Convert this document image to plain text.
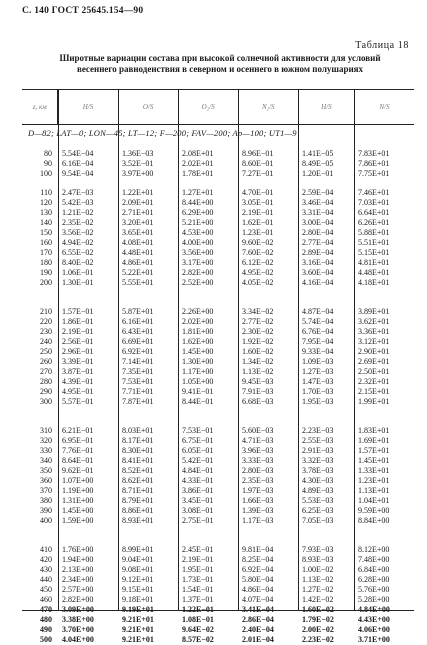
С. 140 ГОСТ 25645.154—90
Таблица 18
Широтные вариации состава при высокой солнечной активности для условий
весеннего равноденствия в северном и осеннего в южном полушариях
z, км	H/S	O/S	O₂/S	N₂/S	H/S	N/S
D—82; LAT—0; LON—45; LT—12; F—200; FAV—200; Ap—100; UT1—9
80	5.54E−04	1.36E−03	2.08E+01	8.96E−01	1.41E−05	7.83E+01
90	6.16E−04	3.52E−01	2.02E+01	8.60E−01	8.49E−05	7.86E+01
100	9.54E−04	3.97E+00	1.78E+01	7.27E−01	1.20E−01	7.75E+01
110	2.47E−03	1.22E+01	1.27E+01	4.70E−01	2.59E−04	7.46E+01
120	5.42E−03	2.09E+01	8.44E+00	3.05E−01	3.46E−04	7.03E+01
130	1.21E−02	2.71E+01	6.29E+00	2.19E−01	3.31E−04	6.64E+01
140	2.35E−02	3.20E+01	5.21E+00	1.62E−01	3.00E−04	6.26E+01
150	3.56E−02	3.65E+01	4.53E+00	1.23E−01	2.80E−04	5.88E+01
160	4.94E−02	4.08E+01	4.00E+00	9.60E−02	2.77E−04	5.51E+01
170	6.55E−02	4.48E+01	3.56E+00	7.60E−02	2.89E−04	5.15E+01
180	8.40E−02	4.86E+01	3.17E+00	6.12E−02	3.16E−04	4.81E+01
190	1.06E−01	5.22E+01	2.82E+00	4.95E−02	3.60E−04	4.48E+01
200	1.30E−01	5.55E+01	2.52E+00	4.05E−02	4.16E−04	4.18E+01
210	1.57E−01	5.87E+01	2.26E+00	3.34E−02	4.87E−04	3.89E+01
220	1.86E−01	6.16E+01	2.02E+00	2.77E−02	5.74E−04	3.62E+01
230	2.19E−01	6.43E+01	1.81E+00	2.30E−02	6.76E−04	3.36E+01
240	2.56E−01	6.69E+01	1.62E+00	1.92E−02	7.95E−04	3.12E+01
250	2.96E−01	6.92E+01	1.45E+00	1.60E−02	9.33E−04	2.90E+01
260	3.39E−01	7.14E+01	1.30E+00	1.34E−02	1.09E−03	2.69E+01
270	3.87E−01	7.35E+01	1.17E+00	1.13E−02	1.27E−03	2.50E+01
280	4.39E−01	7.53E+01	1.05E+00	9.45E−03	1.47E−03	2.32E+01
290	4.95E−01	7.71E+01	9.41E−01	7.91E−03	1.70E−03	2.15E+01
300	5.57E−01	7.87E+01	8.44E−01	6.68E−03	1.95E−03	1.99E+01
310	6.21E−01	8.03E+01	7.53E−01	5.60E−03	2.23E−03	1.83E+01
320	6.95E−01	8.17E+01	6.75E−01	4.71E−03	2.55E−03	1.69E+01
330	7.76E−01	8.30E+01	6.05E−01	3.96E−03	2.91E−03	1.57E+01
340	8.64E−01	8.41E+01	5.42E−01	3.33E−03	3.32E−03	1.45E+01
350	9.62E−01	8.52E+01	4.84E−01	2.80E−03	3.78E−03	1.33E+01
360	1.07E+00	8.62E+01	4.33E−01	2.35E−03	4.30E−03	1.23E+01
370	1.19E+00	8.71E+01	3.86E−01	1.97E−03	4.89E−03	1.13E+01
380	1.31E+00	8.79E+01	3.45E−01	1.66E−03	5.53E−03	1.04E+01
390	1.45E+00	8.86E+01	3.08E−01	1.39E−03	6.25E−03	9.59E+00
400	1.59E+00	8.93E+01	2.75E−01	1.17E−03	7.05E−03	8.84E+00
410	1.76E+00	8.99E+01	2.45E−01	9.81E−04	7.93E−03	8.12E+00
420	1.94E+00	9.04E+01	2.19E−01	8.25E−04	8.93E−03	7.48E+00
430	2.13E+00	9.08E+01	1.95E−01	6.92E−04	1.00E−02	6.84E+00
440	2.34E+00	9.12E+01	1.73E−01	5.80E−04	1.13E−02	6.28E+00
450	2.57E+00	9.15E+01	1.54E−01	4.86E−04	1.27E−02	5.76E+00
460	2.82E+00	9.18E+01	1.37E−01	4.07E−04	1.42E−02	5.28E+00
470	3.09E+00	9.19E+01	1.22E−01	3.41E−04	1.60E−02	4.84E+00
480	3.38E+00	9.21E+01	1.08E−01	2.86E−04	1.79E−02	4.43E+00
490	3.70E+00	9.21E+01	9.64E−02	2.40E−04	2.00E−02	4.06E+00
500	4.04E+00	9.21E+01	8.57E−02	2.01E−04	2.23E−02	3.71E+00
